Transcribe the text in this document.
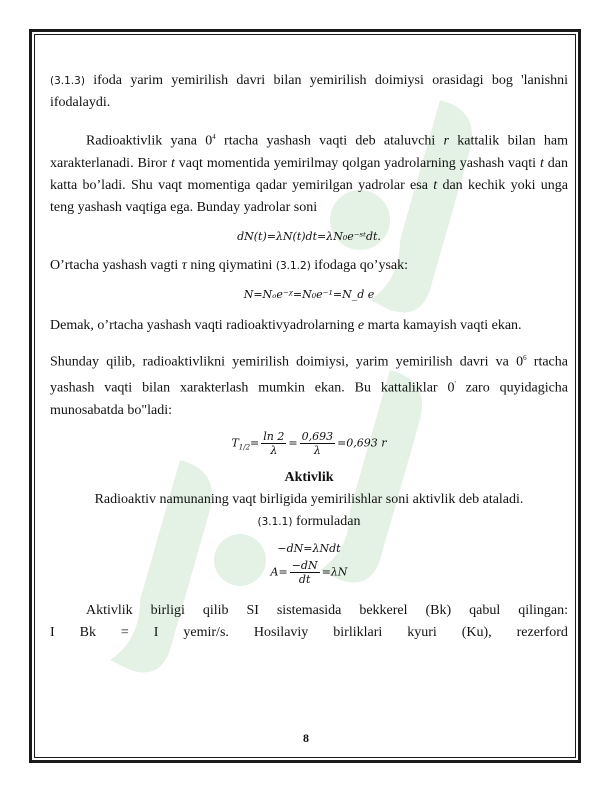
(3.1.3) ifoda yarim yemirilish davri bilan yemirilish doimiysi orasidagi bog 'lanishni ifodalaydi.

Radioaktivlik yana $0^4$ rtacha yashash vaqti deb ataluvchi r kattalik bilan ham xarakterlanadi. Biror t vaqt momentida yemirilmay qolgan yadrolarning yashash vaqti t dan katta bo’ladi. Shu vaqt momentiga qadar yemirilgan yadrolar esa t dan kechik yoki unga teng yashash vaqtiga ega. Bunday yadrolar soni

dN(t)=λN(t)dt=λN₀e⁻ˢᵗdt.

O’rtacha yashash vagti τ ning qiymatini (3.1.2) ifodaga qo’ysak:

N=Nₒe⁻ᵡ=N₀e⁻¹=N_d e

Demak, o’rtacha yashash vaqti radioaktivyadrolarning e marta kamayish vaqti ekan.

Shunday qilib, radioaktivlikni yemirilish doimiysi, yarim yemirilish davri va $0^6$ rtacha yashash vaqti bilan xarakterlash mumkin ekan. Bu kattaliklar 0' zaro quyidagicha munosabatda bo"ladi:

$T_{1/2}= \frac{\ln 2}{\lambda} = \frac{0,693}{\lambda} =0,693$ r
Aktivlik

Radioaktiv namunaning vaqt birligida yemirilishlar soni aktivlik deb ataladi.

(3.1.1) formuladan

−dN=λNdt
$A= \frac{-dN}{dt} =\lambda N$
Aktivlik birligi qilib SI sistemasida bekkerel (Bk) qabul qilingan:
I Bk = I yemir/s. Hosilaviy birliklari kyuri (Ku), rezerford
8
